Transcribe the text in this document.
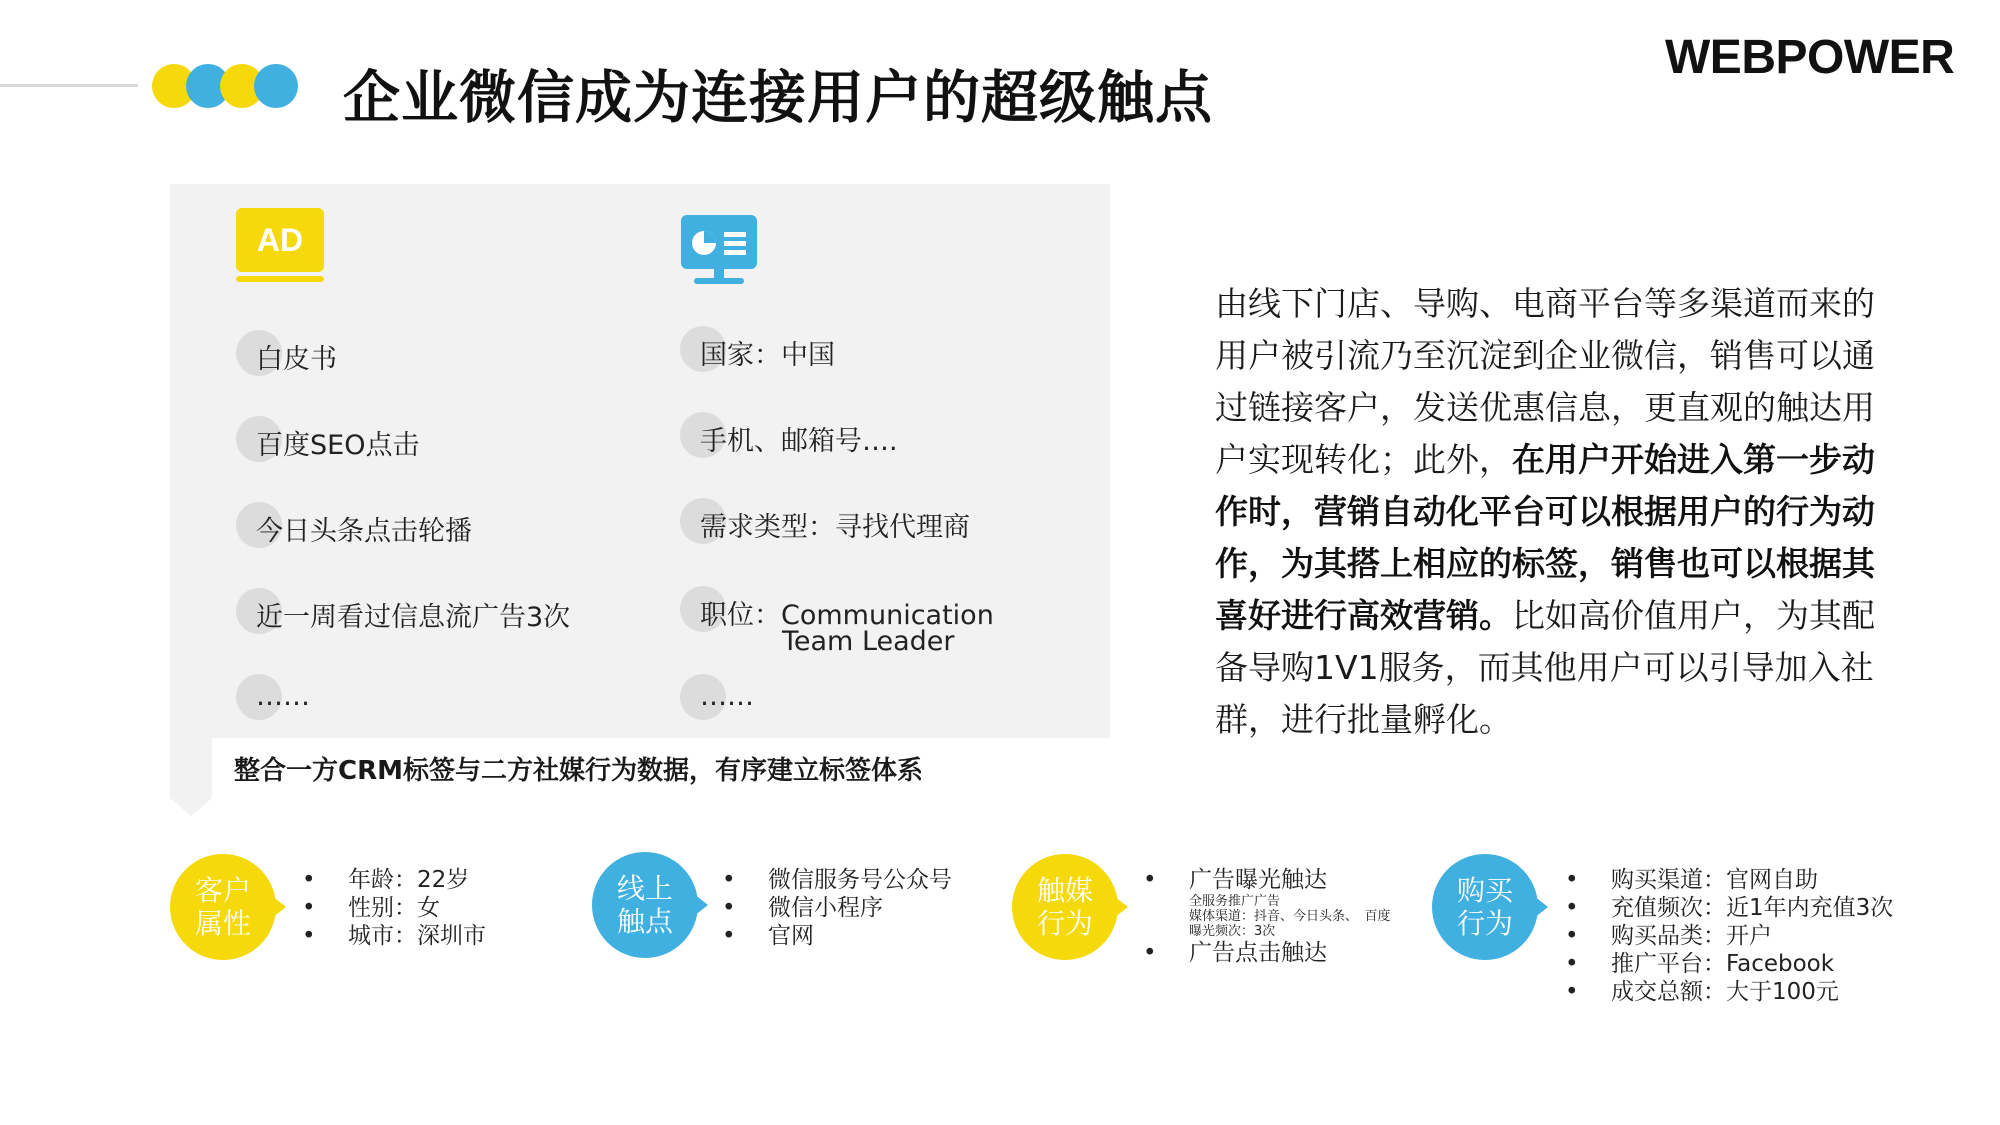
企业微信成为连接用户的超级触点
WEBPOWER
AD
白皮书
百度SEO点击
今日头条点击轮播
近一周看过信息流广告3次
……
国家：中国
手机、邮箱号….
需求类型：寻找代理商
职位：Communication
Team Leader
……
整合一方CRM标签与二方社媒行为数据，有序建立标签体系
由线下门店、导购、电商平台等多渠道而来的用户被引流乃至沉淀到企业微信，销售可以通过链接客户，发送优惠信息，更直观的触达用户实现转化；此外，在用户开始进入第一步动作时，营销自动化平台可以根据用户的行为动作，为其搭上相应的标签，销售也可以根据其喜好进行高效营销。比如高价值用户，为其配备导购1V1服务，而其他用户可以引导加入社群，进行批量孵化。
客户
属性
• 年龄：22岁
• 性别：女
• 城市：深圳市
线上
触点
• 微信服务号公众号
• 微信小程序
• 官网
触媒
行为
• 广告曝光触达
全服务推广广告
媒体渠道：抖音、今日头条、　百度
曝光频次：3次
• 广告点击触达
购买
行为
• 购买渠道：官网自助
• 充值频次：近1年内充值3次
• 购买品类：开户
• 推广平台：Facebook
• 成交总额：大于100元
